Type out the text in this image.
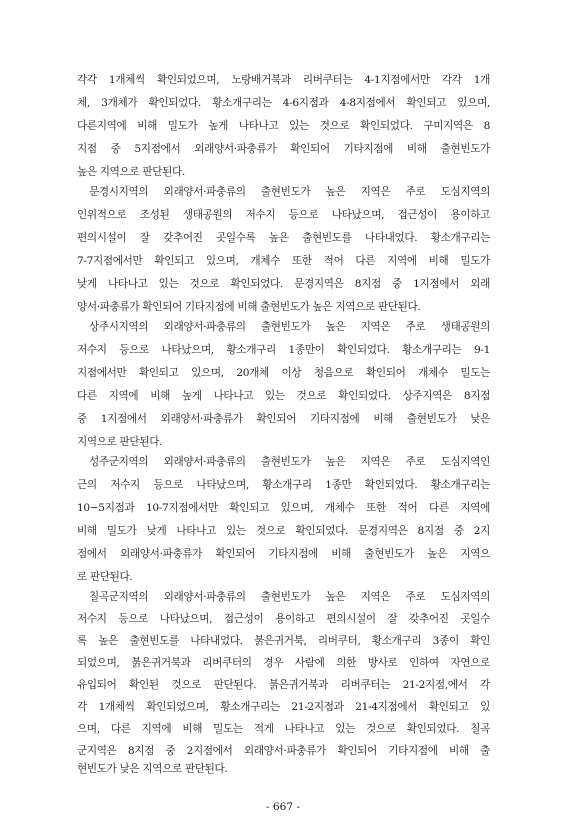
각각 1개체씩 확인되었으며, 노랑배거북과 리버쿠터는 4-1지점에서만 각각 1개
체, 3개체가 확인되었다. 황소개구리는 4-6지점과 4-8지점에서 확인되고 있으며,
다른지역에 비해 밀도가 높게 나타나고 있는 것으로 확인되었다. 구미지역은 8
지점 중 5지점에서 외래양서·파충류가 확인되어 기타지점에 비해 출현빈도가
높은 지역으로 판단된다.
문경시지역의 외래양서·파충류의 출현빈도가 높은 지역은 주로 도심지역의
인위적으로 조성된 생태공원의 저수지 등으로 나타났으며, 접근성이 용이하고
편의시설이 잘 갖추어진 곳일수록 높은 출현빈도를 나타내었다. 황소개구리는
7-7지점에서만 확인되고 있으며, 개체수 또한 적어 다른 지역에 비해 밀도가
낮게 나타나고 있는 것으로 확인되었다. 문경지역은 8지점 중 1지점에서 외래
양서·파충류가 확인되어 기타지점에 비해 출현빈도가 높은 지역으로 판단된다.
상주시지역의 외래양서·파충류의 출현빈도가 높은 지역은 주로 생태공원의
저수지 등으로 나타났으며, 황소개구리 1종만이 확인되었다. 황소개구리는 9-1
지점에서만 확인되고 있으며, 20개체 이상 청음으로 확인되어 개체수 밀도는
다른 지역에 비해 높게 나타나고 있는 것으로 확인되었다. 상주지역은 8지점
중 1지점에서 외래양서·파충류가 확인되어 기타지점에 비해 출현빈도가 낮은
지역으로 판단된다.
성주군지역의 외래양서·파충류의 출현빈도가 높은 지역은 주로 도심지역인
근의 저수지 등으로 나타났으며, 황소개구리 1종만 확인되었다. 황소개구리는
10−5지점과 10-7지점에서만 확인되고 있으며, 개체수 또한 적어 다른 지역에
비해 밀도가 낮게 나타나고 있는 것으로 확인되었다. 문경지역은 8지점 중 2지
점에서 외래양서·파충류가 확인되어 기타지점에 비해 출현빈도가 높은 지역으
로 판단된다.
칠곡군지역의 외래양서·파충류의 출현빈도가 높은 지역은 주로 도심지역의
저수지 등으로 나타났으며, 접근성이 용이하고 편의시설이 잘 갖추어진 곳일수
록 높은 출현빈도를 나타내었다. 붉은귀거북, 리버쿠터, 황소개구리 3종이 확인
되었으며, 붉은귀거북과 리버쿠터의 경우 사람에 의한 방사로 인하여 자연으로
유입되어 확인된 것으로 판단된다. 붉은귀거북과 리버쿠터는 21-2지점,에서 각
각 1개체씩 확인되었으며, 황소개구리는 21-2지점과 21-4지점에서 확인되고 있
으며, 다른 지역에 비해 밀도는 적게 나타나고 있는 것으로 확인되었다. 칠곡
군지역은 8지점 중 2지점에서 외래양서·파충류가 확인되어 기타지점에 비해 출
현빈도가 낮은 지역으로 판단된다.
- 667 -
